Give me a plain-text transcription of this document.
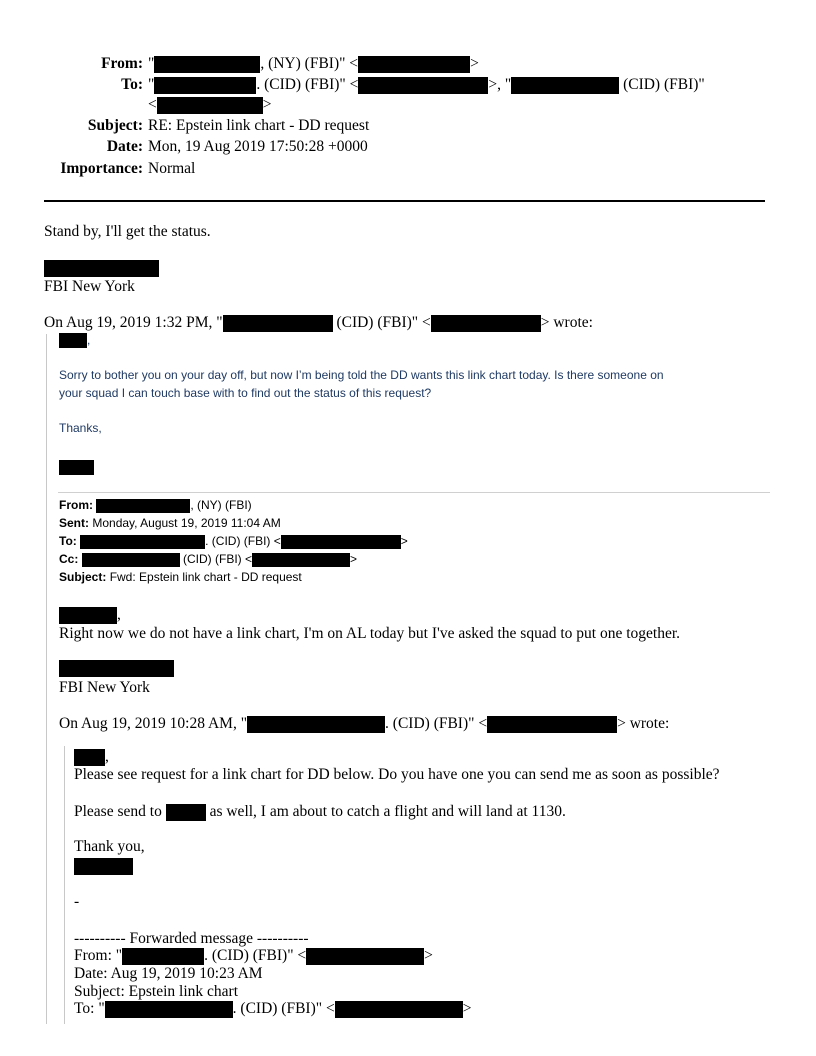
From: "	, (NY) (FBI)" <	>
To: "	. (CID) (FBI)" <	>, "	(CID) (FBI)"
<	>
Subject: RE: Epstein link chart - DD request
Date: Mon, 19 Aug 2019 17:50:28 +0000
Importance: Normal
Stand by, I'll get the status.
FBI New York
On Aug 19, 2019 1:32 PM, "	(CID) (FBI)" <	> wrote:
,
Sorry to bother you on your day off, but now I’m being told the DD wants this link chart today. Is there someone on
your squad I can touch base with to find out the status of this request?
Thanks,
From:	, (NY) (FBI)
Sent: Monday, August 19, 2019 11:04 AM
To:	. (CID) (FBI) <	>
Cc:	(CID) (FBI) <	>
Subject: Fwd: Epstein link chart - DD request
,
Right now we do not have a link chart, I'm on AL today but I've asked the squad to put one together.
FBI New York
On Aug 19, 2019 10:28 AM, "	. (CID) (FBI)" <	> wrote:
,
Please see request for a link chart for DD below. Do you have one you can send me as soon as possible?
Please send to	as well, I am about to catch a flight and will land at 1130.
Thank you,
-
---------- Forwarded message ----------
From: "	. (CID) (FBI)" <	>
Date: Aug 19, 2019 10:23 AM
Subject: Epstein link chart
To: "	. (CID) (FBI)" <	>
